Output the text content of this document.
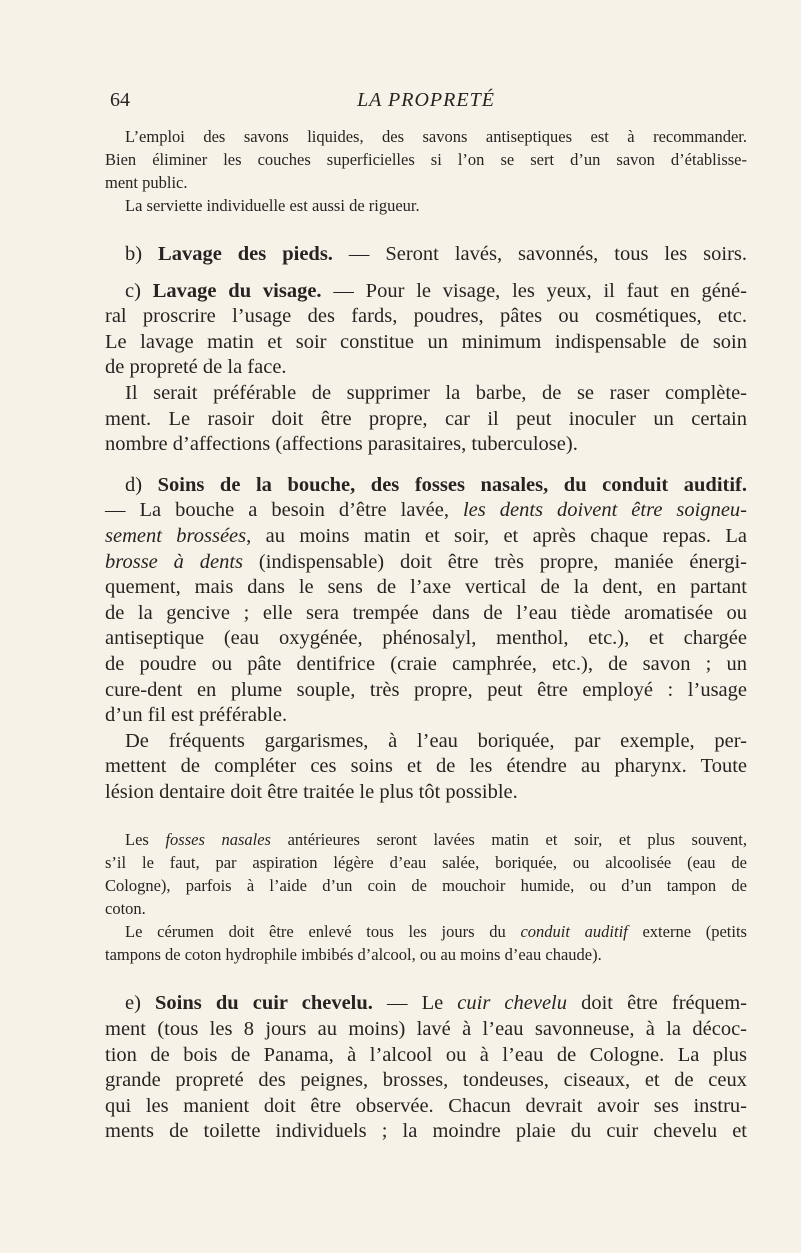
64	LA PROPRETÉ
L’emploi des savons liquides, des savons antiseptiques est à recommander.
Bien éliminer les couches superficielles si l’on se sert d’un savon d’établisse-
ment public.
La serviette individuelle est aussi de rigueur.
b) Lavage des pieds. — Seront lavés, savonnés, tous les soirs.
c) Lavage du visage. — Pour le visage, les yeux, il faut en géné-
ral proscrire l’usage des fards, poudres, pâtes ou cosmétiques, etc.
Le lavage matin et soir constitue un minimum indispensable de soin
de propreté de la face.
Il serait préférable de supprimer la barbe, de se raser complète-
ment. Le rasoir doit être propre, car il peut inoculer un certain
nombre d’affections (affections parasitaires, tuberculose).
d) Soins de la bouche, des fosses nasales, du conduit auditif.
— La bouche a besoin d’être lavée, les dents doivent être soigneu-
sement brossées, au moins matin et soir, et après chaque repas. La
brosse à dents (indispensable) doit être très propre, maniée énergi-
quement, mais dans le sens de l’axe vertical de la dent, en partant
de la gencive ; elle sera trempée dans de l’eau tiède aromatisée ou
antiseptique (eau oxygénée, phénosalyl, menthol, etc.), et chargée
de poudre ou pâte dentifrice (craie camphrée, etc.), de savon ; un
cure-dent en plume souple, très propre, peut être employé : l’usage
d’un fil est préférable.
De fréquents gargarismes, à l’eau boriquée, par exemple, per-
mettent de compléter ces soins et de les étendre au pharynx. Toute
lésion dentaire doit être traitée le plus tôt possible.
Les fosses nasales antérieures seront lavées matin et soir, et plus souvent,
s’il le faut, par aspiration légère d’eau salée, boriquée, ou alcoolisée (eau de
Cologne), parfois à l’aide d’un coin de mouchoir humide, ou d’un tampon de
coton.
Le cérumen doit être enlevé tous les jours du conduit auditif externe (petits
tampons de coton hydrophile imbibés d’alcool, ou au moins d’eau chaude).
e) Soins du cuir chevelu. — Le cuir chevelu doit être fréquem-
ment (tous les 8 jours au moins) lavé à l’eau savonneuse, à la décoc-
tion de bois de Panama, à l’alcool ou à l’eau de Cologne. La plus
grande propreté des peignes, brosses, tondeuses, ciseaux, et de ceux
qui les manient doit être observée. Chacun devrait avoir ses instru-
ments de toilette individuels ; la moindre plaie du cuir chevelu et
